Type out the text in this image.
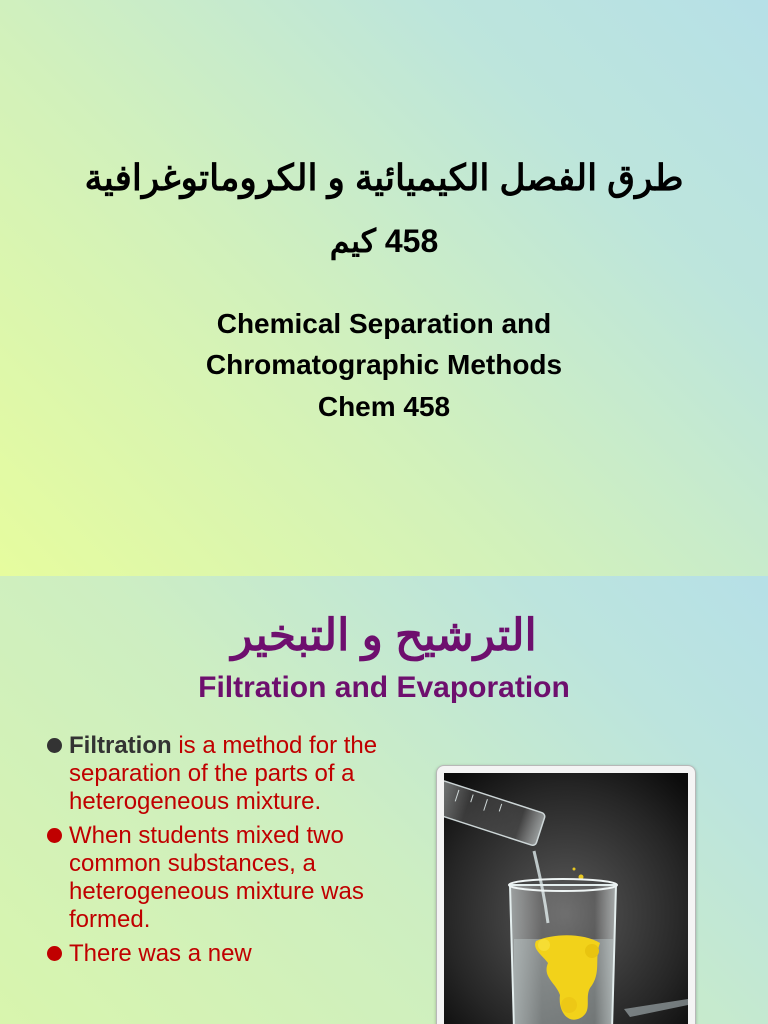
طرق الفصل الكيميائية و الكروماتوغرافية
458 كيم
Chemical Separation and
Chromatographic Methods
Chem 458
الترشيح و التبخير
Filtration and Evaporation
Filtration is a method for the separation of the parts of a heterogeneous mixture.
When students mixed two common substances, a heterogeneous mixture was formed.
There was a new
